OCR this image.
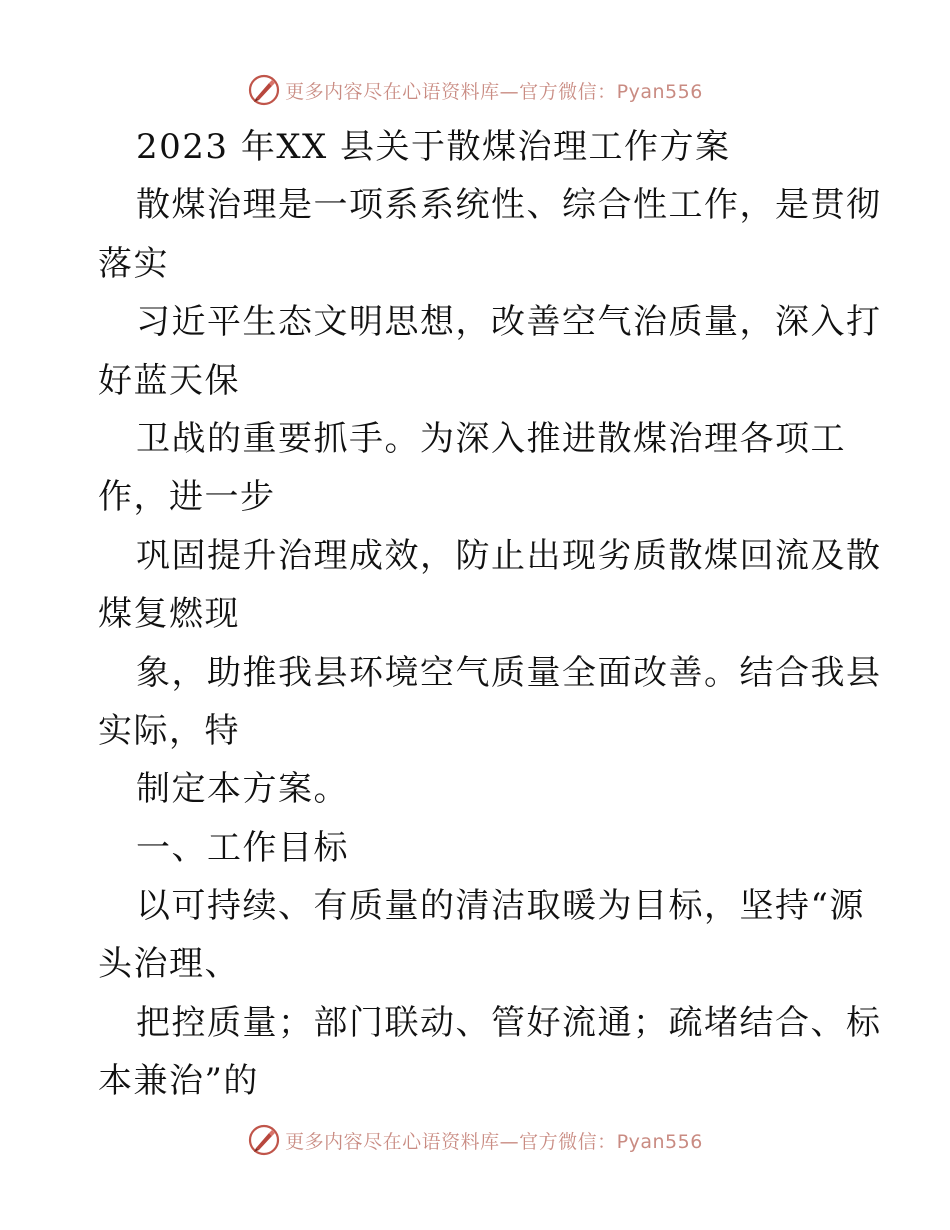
更多内容尽在心语资料库—官方微信：Pyan556
2023 年XX 县关于散煤治理工作方案
散煤治理是一项系系统性、综合性工作，是贯彻
落实
习近平生态文明思想，改善空气治质量，深入打
好蓝天保
卫战的重要抓手。为深入推进散煤治理各项工
作，进一步
巩固提升治理成效，防止出现劣质散煤回流及散
煤复燃现
象，助推我县环境空气质量全面改善。结合我县
实际，特
制定本方案。
一、工作目标
以可持续、有质量的清洁取暖为目标，坚持“源
头治理、
把控质量；部门联动、管好流通；疏堵结合、标
本兼治”的
更多内容尽在心语资料库—官方微信：Pyan556
